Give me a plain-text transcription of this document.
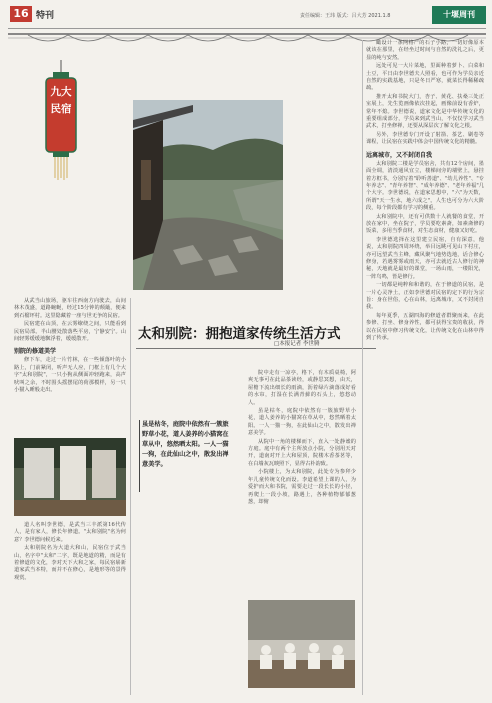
16 特刊	责任编辑：王玮 版式：吕大芳 2021.1.8	十堰周刊
九大民宿
太和别院：拥抱道家传统生活方式
□本报记者 李世腾
虽是枯冬，庭院中依然有一簇旅野草小花，道人姜养的小猫窝在草从中，悠然晒太阳。一人一猫一狗，在此仙山之中，散发出禅意美学。

从武当山旅场，驱车往西南方向驶去，山间林木茂盛，道路蜿蜒，经过15分钟的颠簸，便来到石榴坪村。这里隐藏着一座与世无争的民宿。

民宿建在山顶，在云雾缭绕之间，只能看到民宿局部。半山腰处散落些平房，宁静安宁。山间轻雾缓缓地飘浮着，缓缓散开。

别院的修道美学

修下车，走过一片竹林，在一些倾落叶的小路上，门前紧闭，听声无人应，门框上有几个大字"太和别院"，一只小狗从侧面冲轻跑来，高声吠叫之余，不时围头摇摆尾的荷那模样，另一只小猫入睡般走出。

道人名叫李世德，是武当三丰派第16代传人，是有家人，修长年修道。"太和别院"名为何意？李世德问候近来。

太和别院名为大道大和山，民宿位于武当山，名字中"太和"二字，既是地道的精，而是有着修道的文化，李对天下大和之家，每民宿崭新道家武当本特，而并不在修心，是地形等的景得观赏。

院中走有一凉亭，格下，有木质桌椅，阿爽无事可在此品茶读经，或静思冥想，由天，屋檐下流出细长的雨滴，沥着绿片滴落成好看的水帘，打湿在长满青藓的石头上，悠悠动人。

虽是枯冬，庭院中依然有一簇旅野草小花，道人姜养的小猫窝在草从中，悠然晒着太阳。一人一猫一狗，在此仙山之中，散发出禅意美学。

从院中一角的楼梯而下，直入一处静谧的方庭。庭中有两个主所放点小院，分别用天对开，道南对开上大和屋顶，院楼木香茶茗等，在白墙灰瓦映照下，显得古朴韵致。

小院楼上，为太和别院，此处专为参拜少年儿童传统文化而设。李道希望上课的人，为爱护而大和书院，需要走过一段长长的小径，再爬上一段小坡，路遇上，各种植物郁郁葱葱，却俯

瞰设计一条网格产的石子小路，一切好像原本就该在那里，在经坐过时间与自然的洗礼之后，更显的纯与安然。

远处可见一大片菜地，里面种着萝卜、白菜和土豆，平日由李世德夫人照看，也可作为学员亲近自然的实践基地，只是冬日严寒，就菜长得稀稀疏疏。

推开太和书院大门，杏子、黄花、扶桑三处正室展上，先生览画像依次挂起，画像前设有香炉，常年不熄。李世德说，道家文化是中华传统文化的重要组成部分，学员来到武当山，不仅仅学习武当武术，打坐修禅，还要从深层次了解文化之根。

另外，李世德专门开设了射箭、茶艺、刷卷等课程，让民宿在实践中体会中国传统文化的精髓。

远离城市，又不封闭自我

太和别院二楼是学员宿舍，共有12个房间，墨面全调，清淡通风宜立，楼梯间旁的墙壁上，悬挂着方框书，分别写着"聆听善道"、"幼儿养性"、"专年养志"、"青年养智"、"成年养德"、"老年养福"几个大字。李世德说，在道家思想中，"六"为天数，所谓"天一生水，地六成之"。人生也可分为六大阶段，每个阶段都有学习的侧重。

太和别院中，还有可供数十人就餐的食堂，开放在家中，坐在院子，学员要吃素斋，如素斋修的饭菜，多用当季食材，对生态食材，健康又好吃。

李世德选择在这里建立民宿，自有深意，他说，太和别院四周环绕，举目远眺可见山下村庄，亦可远望武当主峰，藏风聚气地势选地，话合修心修身，若遇雾雾或雨天，亦可去就近古人修行的神秘，天地就是最好的课堂，一场山雨，一缕阳光，一阵鸟鸣，皆是修行。

一切都是纯粹和和谐的，在于修道的民宿，是一片心灵净土，正如李世德对民宿的定下的行为宗旨：身在世俗，心在山林，远离城市，又不封闭自我。

每年夏季，五湖四海的修道者群聚而来，在此参修、打坐、修身养性，都可获得宝贵的收获，得以在民宿中修习传统文化，让传统文化在山林中得到了传承。
